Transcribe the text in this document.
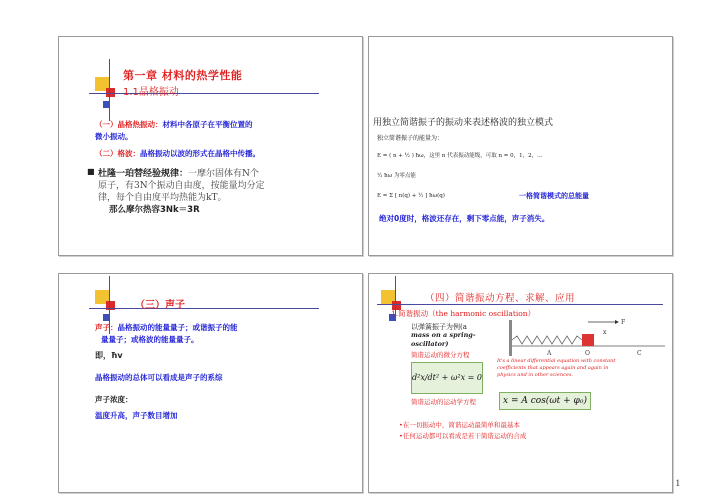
第一章 材料的热学性能
1.1晶格振动
（一）晶格热振动：材料中各原子在平衡位置的
微小振动。
（二）格波：晶格振动以波的形式在晶格中传播。
■ 杜隆一珀替经验规律：一摩尔固体有N个
原子，有3N个振动自由度，按能量均分定
律，每个自由度平均热能为kT。
那么摩尔热容3Nk＝3R
用独立简谐振子的振动来表述格波的独立模式
独立简谐振子的能量为：
E = ( n + ½ ) ħω，这里 n 代表振动能级，可取 n = 0，1，2，…
½ ħω 为零点能
E = Σ [ n(q) + ½ ] ħω(q)	一格简谐模式的总能量
绝对0度时，格波还存在，剩下零点能，声子消失。
（三）声子
声子：晶格振动的能量量子；或谐振子的能
量量子；或格波的能量量子。
即，ħv
晶格振动的总体可以看成是声子的系综
声子浓度：
温度升高，声子数目增加
（四）简谐振动方程、求解、应用
1.简谐振动（the harmonic oscillation）
以弹簧振子为例(a
mass on a spring-
oscillator)
F
x
O	C
A
简谐运动的微分方程
d²x/dt² + ω²x = 0
It's a linear differential equation with constant
coefficients that appears again and again in
physics and in other sciences.
简谐运动的运动学方程	x = A cos(ωt + φ₀)
•在一切振动中，简谐运动最简单和最基本
•任何运动都可以看成是若干简谐运动的合成
1
